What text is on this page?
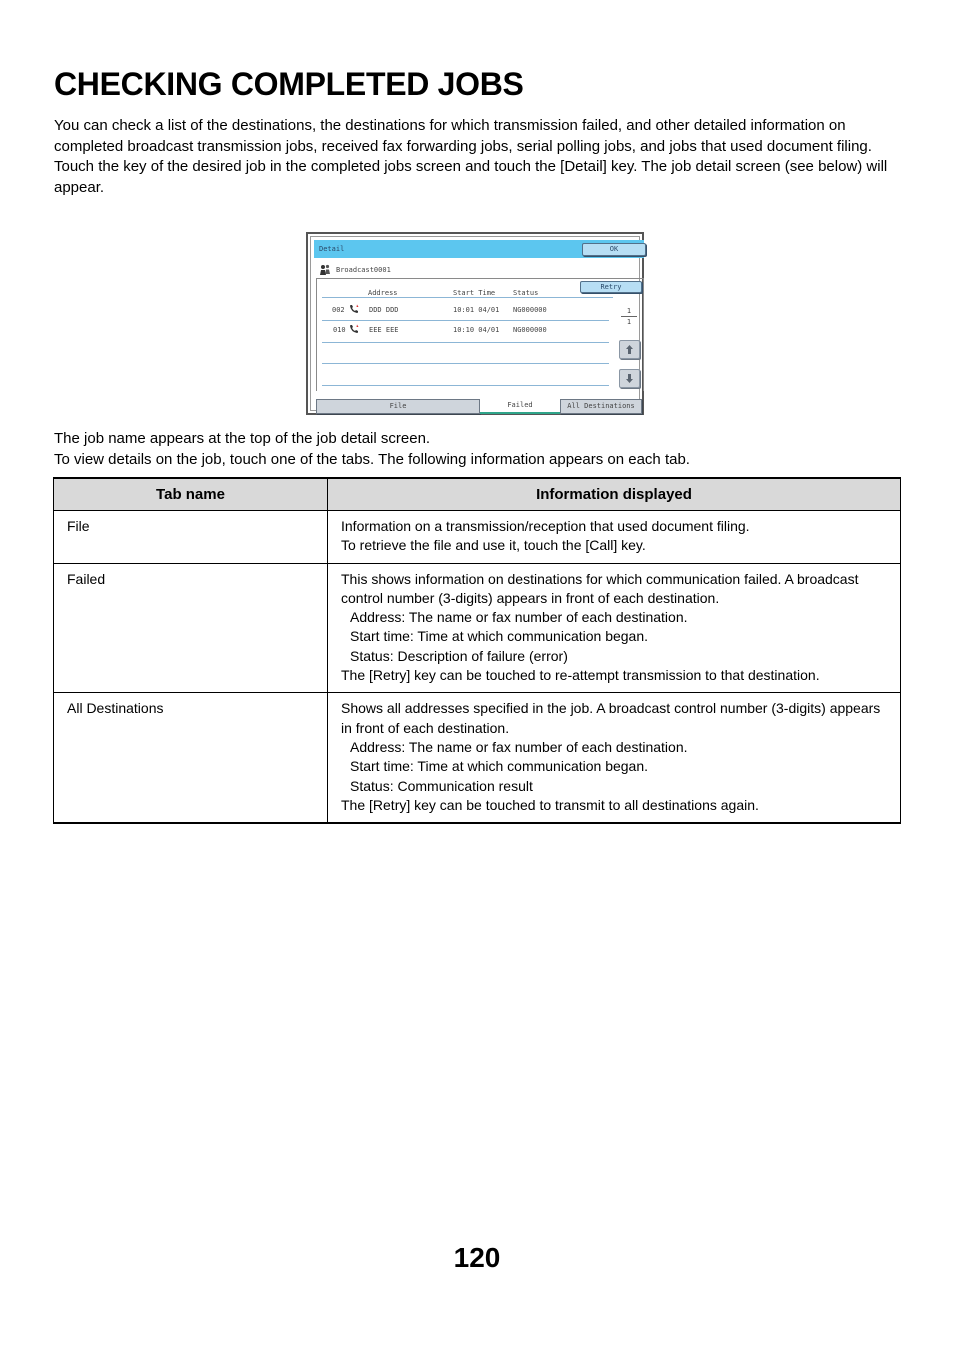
CHECKING COMPLETED JOBS

You can check a list of the destinations, the destinations for which transmission failed, and other detailed information on completed broadcast transmission jobs, received fax forwarding jobs, serial polling jobs, and jobs that used document filing. Touch the key of the desired job in the completed jobs screen and touch the [Detail] key. The job detail screen (see below) will appear.

Detail	OK
Broadcast0001
Address	Start Time	Status
Retry
002	DDD DDD	10:01 04/01 NG000000
010	EEE EEE	10:10 04/01 NG000000
1
1
File	Failed	All Destinations
The job name appears at the top of the job detail screen.
To view details on the job, touch one of the tabs. The following information appears on each tab.
Tab name	Information displayed
File	Information on a transmission/reception that used document filing.
To retrieve the file and use it, touch the [Call] key.

Failed	This shows information on destinations for which communication failed. A broadcast control number (3-digits) appears in front of each destination.
Address: The name or fax number of each destination.
Start time: Time at which communication began.
Status: Description of failure (error)
The [Retry] key can be touched to re-attempt transmission to that destination.

All Destinations	Shows all addresses specified in the job. A broadcast control number (3-digits) appears in front of each destination.
Address: The name or fax number of each destination.
Start time: Time at which communication began.
Status: Communication result
The [Retry] key can be touched to transmit to all destinations again.
120
